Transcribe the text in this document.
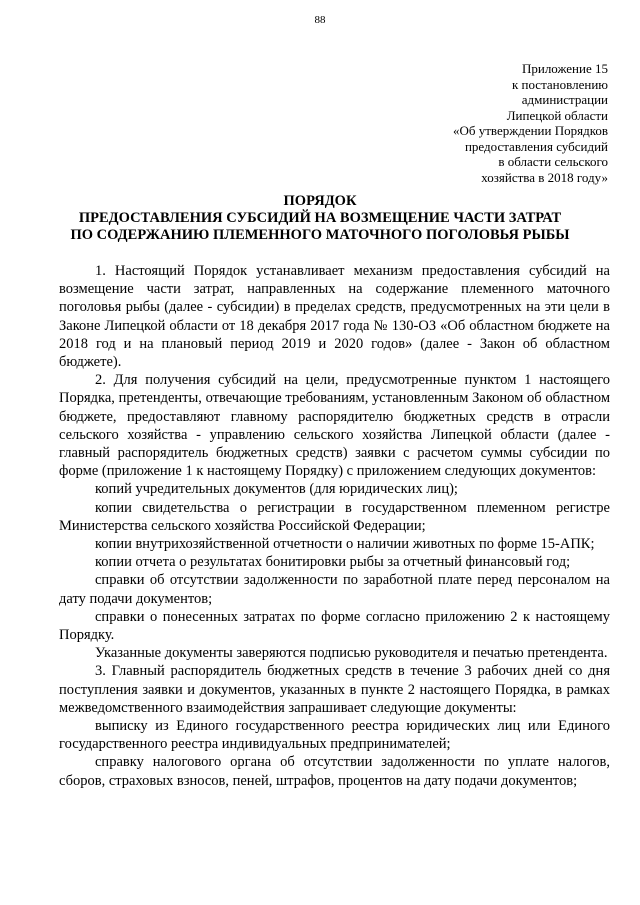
88
Приложение 15
к постановлению
администрации
Липецкой области
«Об утверждении Порядков
предоставления субсидий
в области сельского
хозяйства в 2018 году»
ПОРЯДОК
ПРЕДОСТАВЛЕНИЯ СУБСИДИЙ НА ВОЗМЕЩЕНИЕ ЧАСТИ ЗАТРАТ
ПО СОДЕРЖАНИЮ ПЛЕМЕННОГО МАТОЧНОГО ПОГОЛОВЬЯ РЫБЫ

1. Настоящий Порядок устанавливает механизм предоставления субсидий на возмещение части затрат, направленных на содержание племенного маточного поголовья рыбы (далее - субсидии) в пределах средств, предусмотренных на эти цели в Законе Липецкой области от 18 декабря 2017 года № 130-ОЗ «Об областном бюджете на 2018 год и на плановый период 2019 и 2020 годов» (далее - Закон об областном бюджете).

2. Для получения субсидий на цели, предусмотренные пунктом 1 настоящего Порядка, претенденты, отвечающие требованиям, установленным Законом об областном бюджете, предоставляют главному распорядителю бюджетных средств в отрасли сельского хозяйства - управлению сельского хозяйства Липецкой области (далее - главный распорядитель бюджетных средств) заявки с расчетом суммы субсидии по форме (приложение 1 к настоящему Порядку) с приложением следующих документов:

копий учредительных документов (для юридических лиц);

копии свидетельства о регистрации в государственном племенном регистре Министерства сельского хозяйства Российской Федерации;

копии внутрихозяйственной отчетности о наличии животных по форме 15-АПК;

копии отчета о результатах бонитировки рыбы за отчетный финансовый год;

справки об отсутствии задолженности по заработной плате перед персоналом на дату подачи документов;

справки о понесенных затратах по форме согласно приложению 2 к настоящему Порядку.

Указанные документы заверяются подписью руководителя и печатью претендента.

3. Главный распорядитель бюджетных средств в течение 3 рабочих дней со дня поступления заявки и документов, указанных в пункте 2 настоящего Порядка, в рамках межведомственного взаимодействия запрашивает следующие документы:

выписку из Единого государственного реестра юридических лиц или Единого государственного реестра индивидуальных предпринимателей;

справку налогового органа об отсутствии задолженности по уплате налогов, сборов, страховых взносов, пеней, штрафов, процентов на дату подачи документов;
